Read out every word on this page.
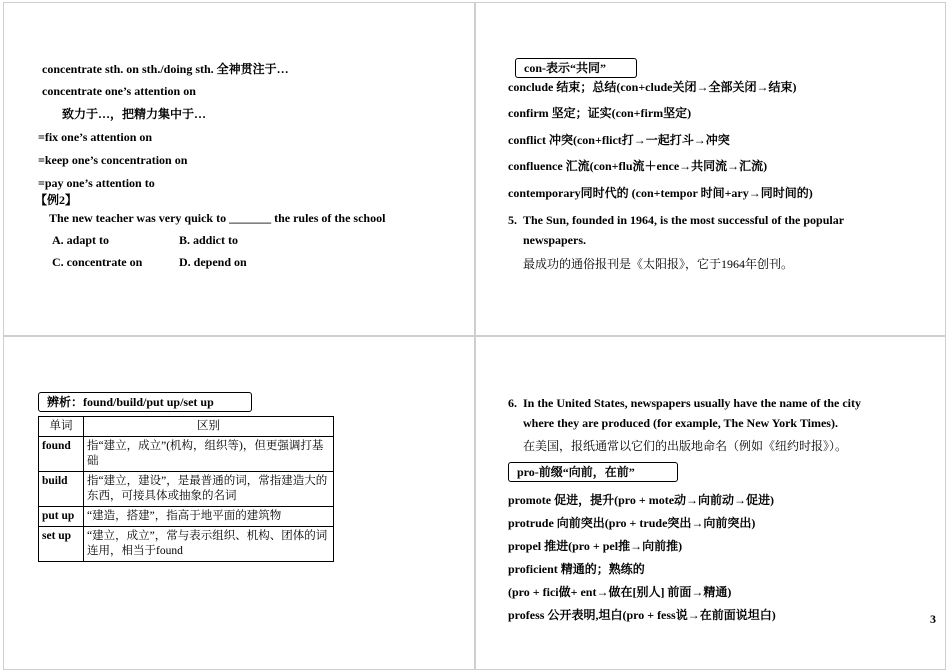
concentrate sth. on sth./doing sth. 全神贯注于…
concentrate one’s attention on
致力于…，把精力集中于…
=fix one’s attention on
=keep one’s concentration on
=pay one’s attention to
【例2】
The new teacher was very quick to _______ the rules of the school
A. adapt to	B. addict to
C. concentrate on	D. depend on
con-表示“共同”
conclude 结束；总结(con+clude关闭→全部关闭→结束)
confirm 坚定；证实(con+firm坚定)
conflict 冲突(con+flict打→一起打斗→冲突
confluence 汇流(con+flu流＋ence→共同流→汇流)
contemporary同时代的 (con+tempor 时间+ary→同时间的)
5. The Sun, founded in 1964, is the most successful of the popular
newspapers.
最成功的通俗报刊是《太阳报》，它于1964年创刊。
辨析：found/build/put up/set up
单词	区别
found	指“建立，成立”(机构，组织等)，但更强调打基础
build	指“建立，建设”，是最普通的词，常指建造大的东西，可接具体或抽象的名词
put up	“建造，搭建”，指高于地平面的建筑物
set up	“建立，成立”，常与表示组织、机构、团体的词连用，相当于found
6. In the United States, newspapers usually have the name of the city
where they are produced (for example, The New York Times).
在美国，报纸通常以它们的出版地命名（例如《纽约时报》）。
pro-前缀“向前，在前”
promote 促进，提升(pro + mote动→向前动→促进)
protrude 向前突出(pro + trude突出→向前突出)
propel 推进(pro + pel推→向前推)
proficient 精通的；熟练的
(pro + fici做+ ent→做在[别人] 前面→精通)
profess 公开表明,坦白(pro + fess说→在前面说坦白)	3
